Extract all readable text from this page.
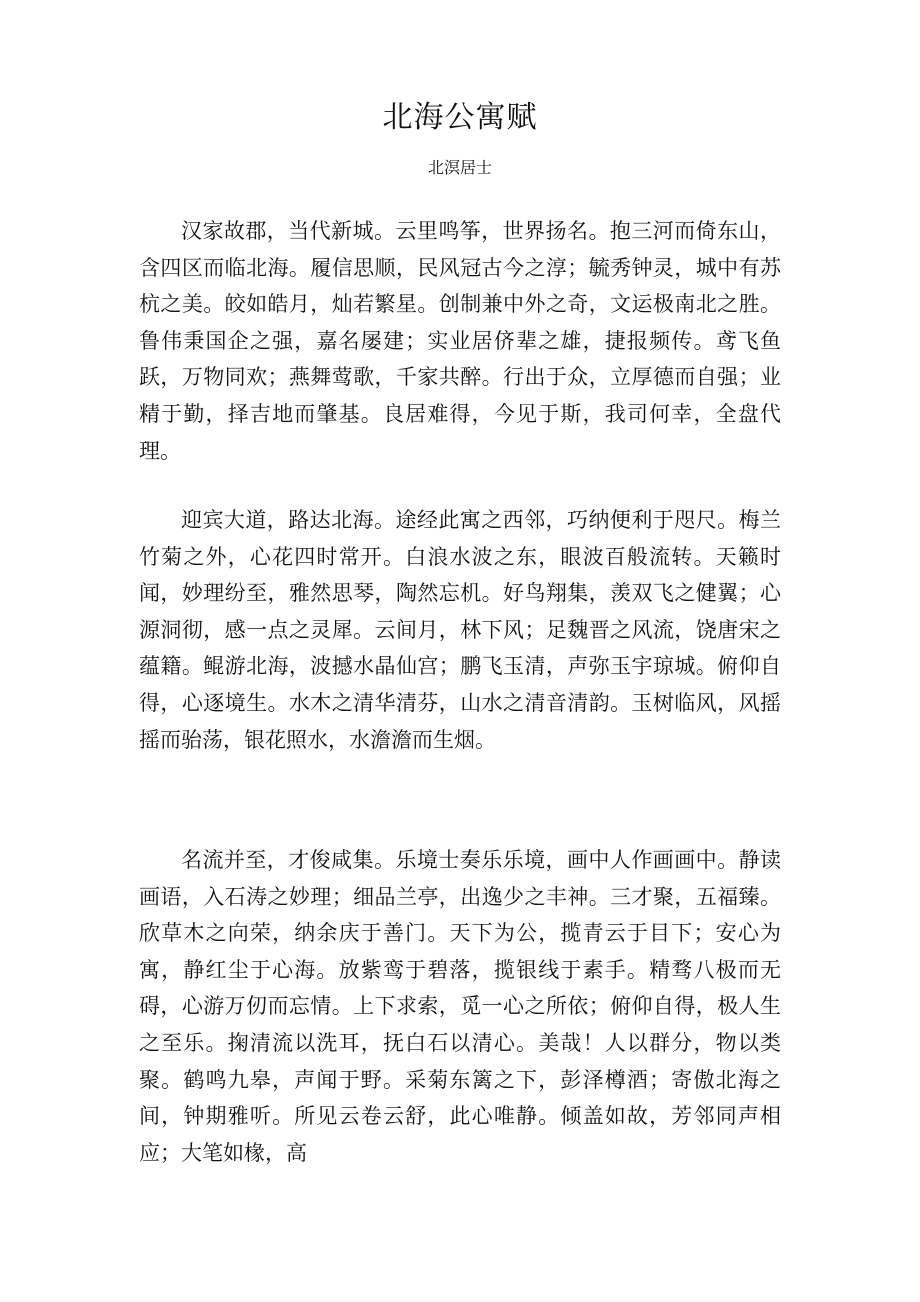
北海公寓赋
北溟居士

汉家故郡，当代新城。云里鸣筝，世界扬名。抱三河而倚东山，含四区而临北海。履信思顺，民风冠古今之淳；毓秀钟灵，城中有苏杭之美。皎如皓月，灿若繁星。创制兼中外之奇，文运极南北之胜。鲁伟秉国企之强，嘉名屡建；实业居侪辈之雄，捷报频传。鸢飞鱼跃，万物同欢；燕舞莺歌，千家共醉。行出于众，立厚德而自强；业精于勤，择吉地而肇基。良居难得，今见于斯，我司何幸，全盘代理。

迎宾大道，路达北海。途经此寓之西邻，巧纳便利于咫尺。梅兰竹菊之外，心花四时常开。白浪水波之东，眼波百般流转。天籁时闻，妙理纷至，雅然思琴，陶然忘机。好鸟翔集，羡双飞之健翼；心源洞彻，感一点之灵犀。云间月，林下风；足魏晋之风流，饶唐宋之蕴籍。鲲游北海，波撼水晶仙宫；鹏飞玉清，声弥玉宇琼城。俯仰自得，心逐境生。水木之清华清芬，山水之清音清韵。玉树临风，风摇摇而骀荡，银花照水，水澹澹而生烟。

名流并至，才俊咸集。乐境士奏乐乐境，画中人作画画中。静读画语，入石涛之妙理；细品兰亭，出逸少之丰神。三才聚，五福臻。欣草木之向荣，纳余庆于善门。天下为公，揽青云于目下；安心为寓，静红尘于心海。放紫鸾于碧落，揽银线于素手。精骛八极而无碍，心游万仞而忘情。上下求索，觅一心之所依；俯仰自得，极人生之至乐。掬清流以洗耳，抚白石以清心。美哉！人以群分，物以类聚。鹤鸣九皋，声闻于野。采菊东篱之下，彭泽樽酒；寄傲北海之间，钟期雅听。所见云卷云舒，此心唯静。倾盖如故，芳邻同声相应；大笔如椽，高
